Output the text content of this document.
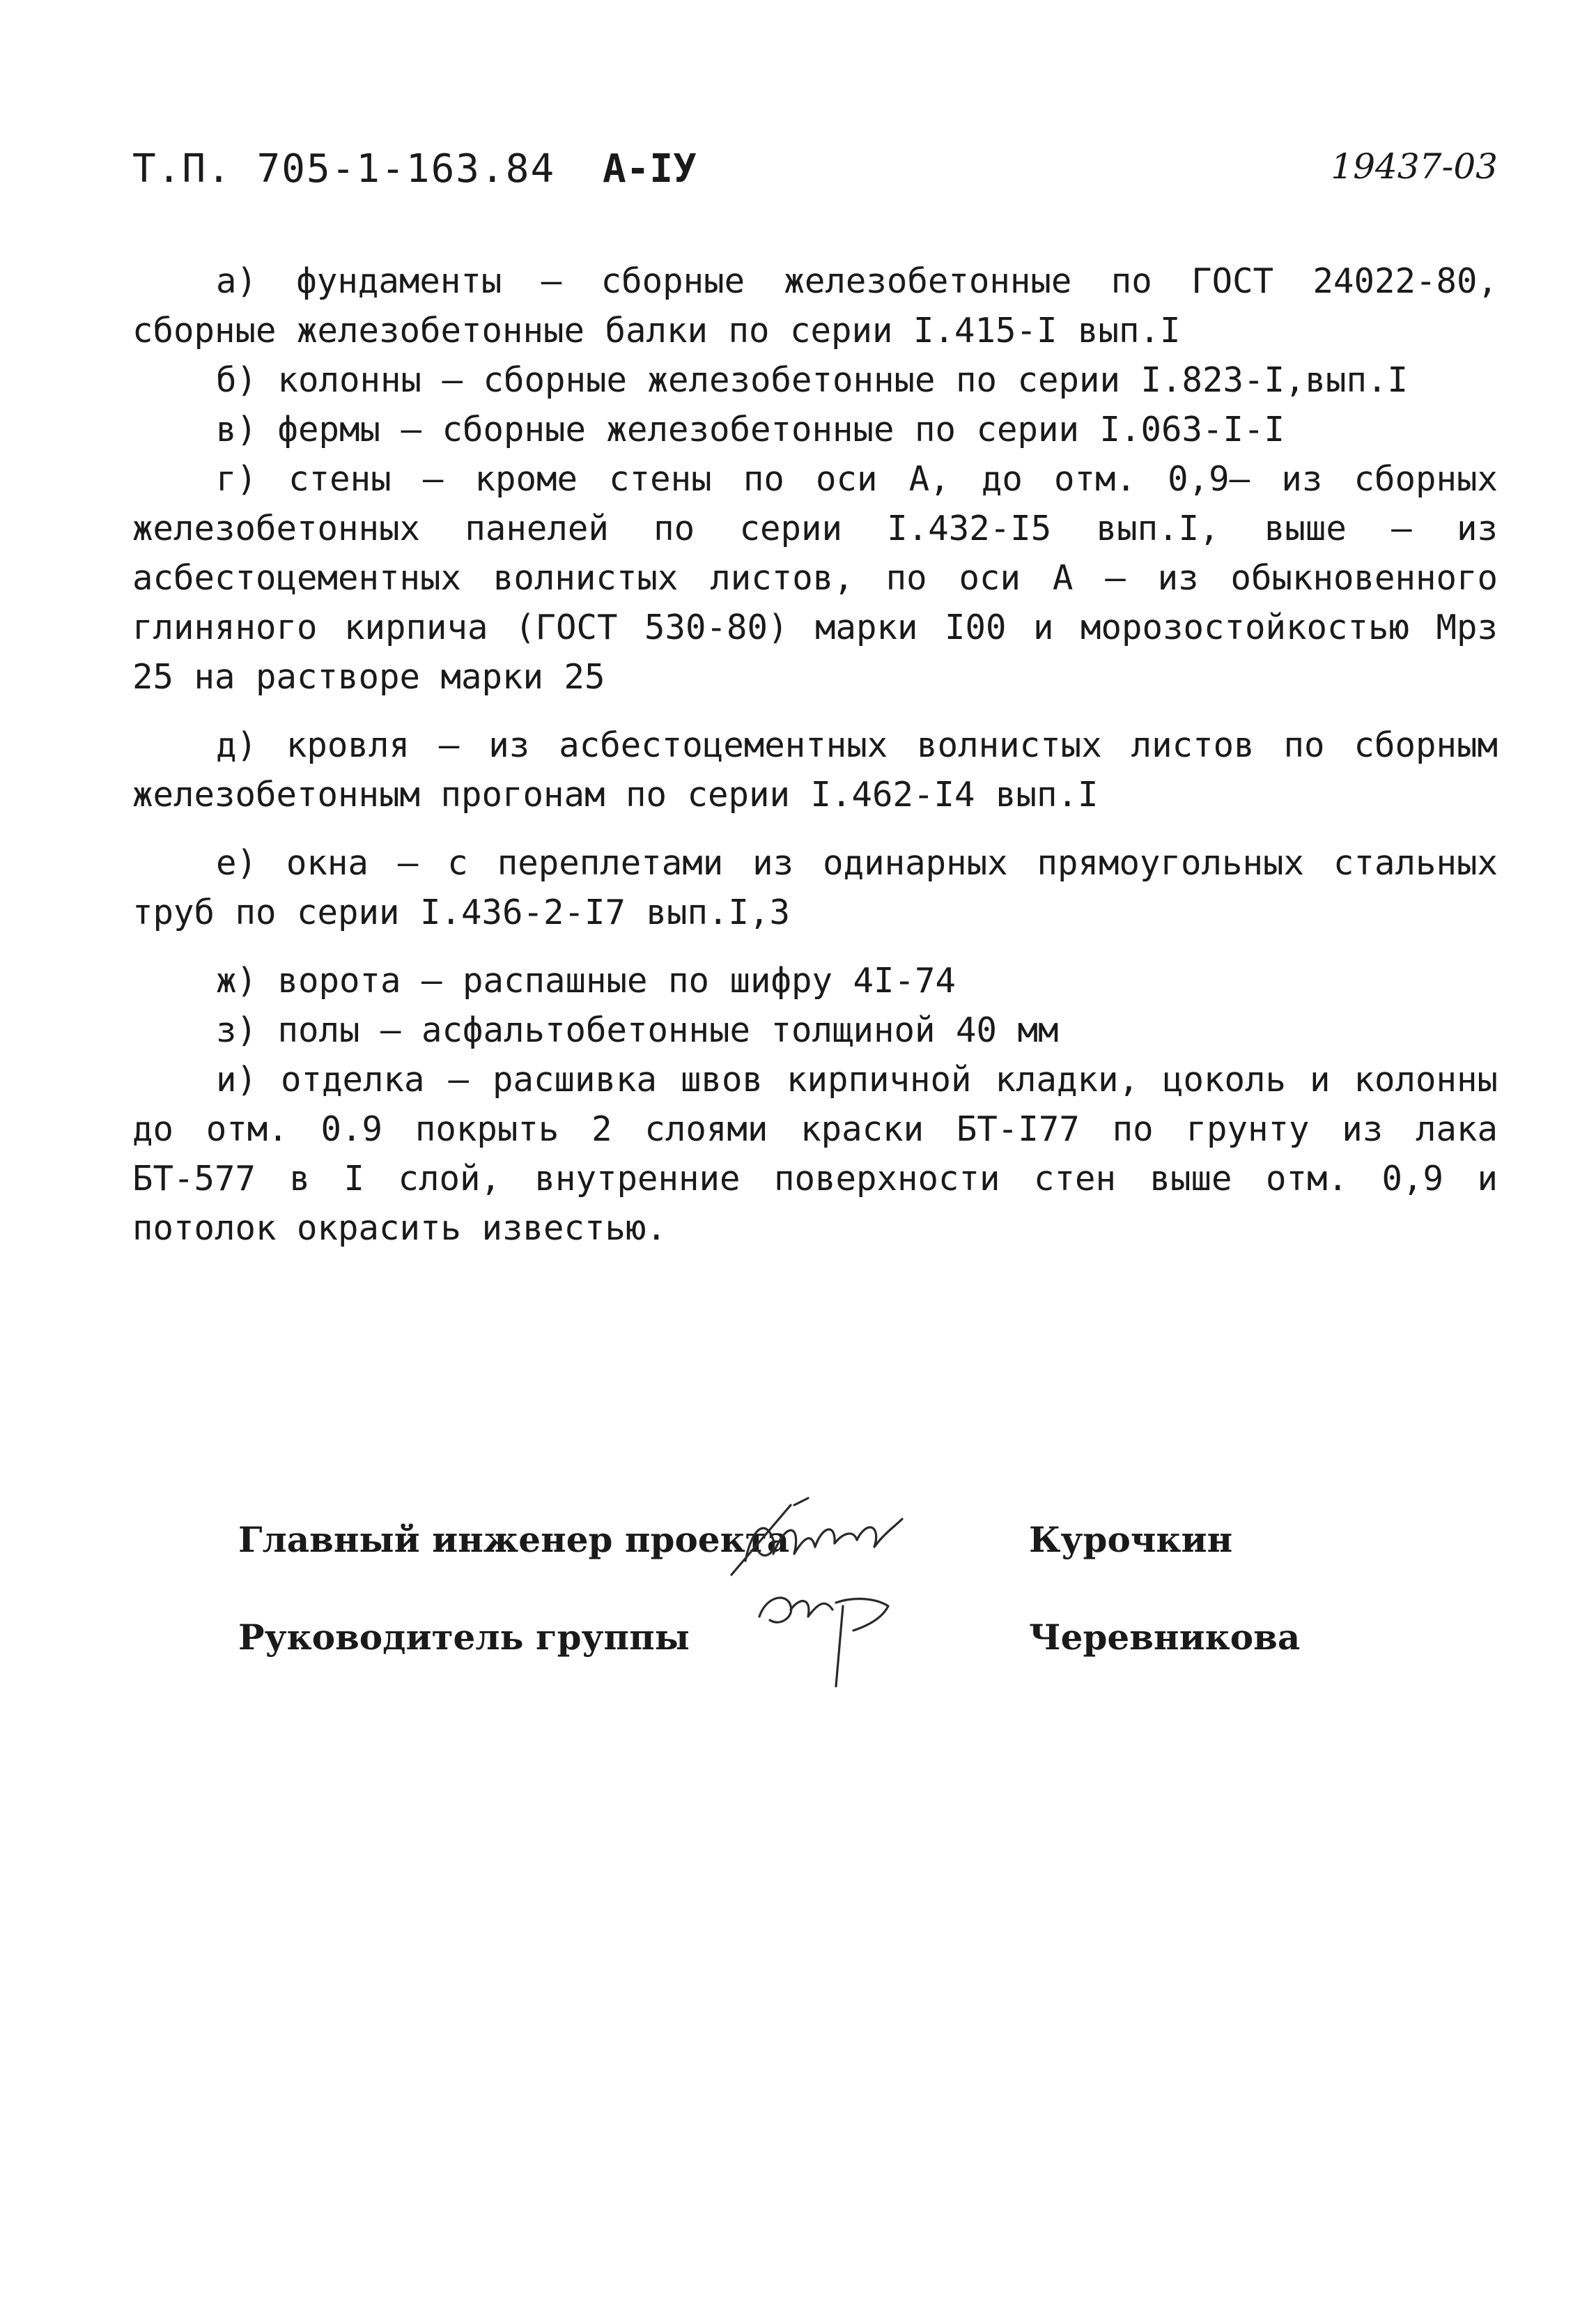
Т.П. 705-1-163.84 А-IУ	19437-03

а) фундаменты – сборные железобетонные по ГОСТ 24022-80, сборные железобетонные балки по серии I.415-I вып.I

б) колонны – сборные железобетонные по серии I.823-I,вып.I

в) фермы – сборные железобетонные по серии I.063-I-I

г) стены – кроме стены по оси А, до отм. 0,9– из сборных железобетонных панелей по серии I.432-I5 вып.I, выше – из асбестоцементных волнистых листов, по оси А – из обыкновенного глиняного кирпича (ГОСТ 530-80) марки I00 и морозостойкостью Мрз 25 на растворе марки 25

д) кровля – из асбестоцементных волнистых листов по сборным железобетонным прогонам по серии I.462-I4 вып.I

е) окна – с переплетами из одинарных прямоугольных стальных труб по серии I.436-2-I7 вып.I,3

ж) ворота – распашные по шифру 4I-74

з) полы – асфальтобетонные толщиной 40 мм

и) отделка – расшивка швов кирпичной кладки, цоколь и колонны до отм. 0.9 покрыть 2 слоями краски БТ-I77 по грунту из лака БТ-577 в I слой, внутренние поверхности стен выше отм. 0,9 и потолок окрасить известью.

Главный инженер проекта	Курочкин
Руководитель группы	Черевникова
